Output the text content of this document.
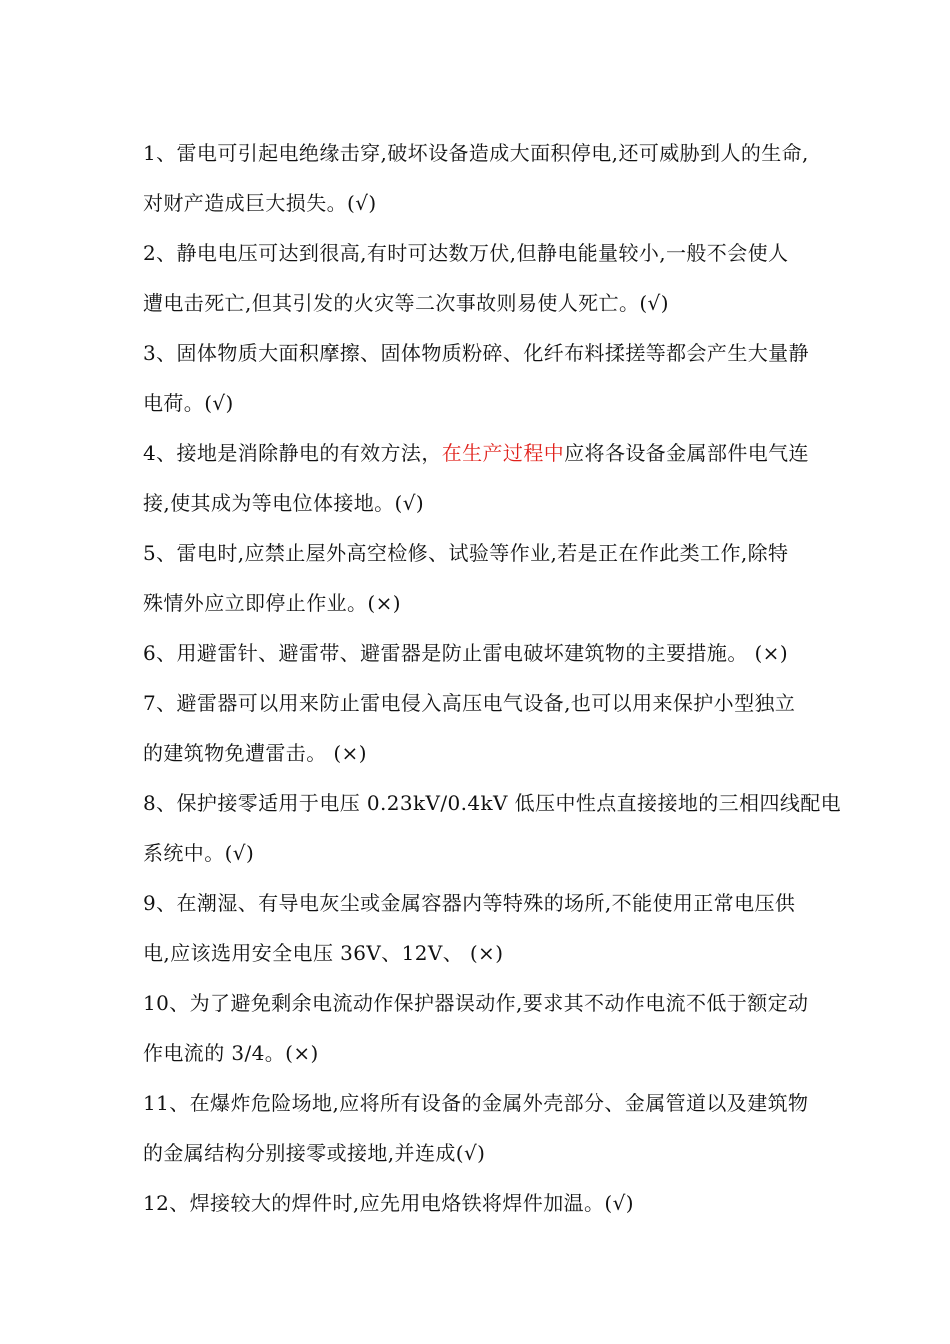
1、雷电可引起电绝缘击穿,破坏设备造成大面积停电,还可威胁到人的生命,
对财产造成巨大损失。(√)
2、静电电压可达到很高,有时可达数万伏,但静电能量较小,一般不会使人
遭电击死亡,但其引发的火灾等二次事故则易使人死亡。(√)
3、固体物质大面积摩擦、固体物质粉碎、化纤布料揉搓等都会产生大量静
电荷。(√)
4、接地是消除静电的有效方法，在生产过程中应将各设备金属部件电气连
接,使其成为等电位体接地。(√)
5、雷电时,应禁止屋外高空检修、试验等作业,若是正在作此类工作,除特
殊情外应立即停止作业。(×)
6、用避雷针、避雷带、避雷器是防止雷电破坏建筑物的主要措施。 (×)
7、避雷器可以用来防止雷电侵入高压电气设备,也可以用来保护小型独立
的建筑物免遭雷击。 (×)
8、保护接零适用于电压 0.23kV/0.4kV 低压中性点直接接地的三相四线配电
系统中。(√)
9、在潮湿、有导电灰尘或金属容器内等特殊的场所,不能使用正常电压供
电,应该选用安全电压 36V、12V、 (×)
10、为了避免剩余电流动作保护器误动作,要求其不动作电流不低于额定动
作电流的 3/4。(×)
11、在爆炸危险场地,应将所有设备的金属外壳部分、金属管道以及建筑物
的金属结构分别接零或接地,并连成(√)
12、焊接较大的焊件时,应先用电烙铁将焊件加温。(√)
